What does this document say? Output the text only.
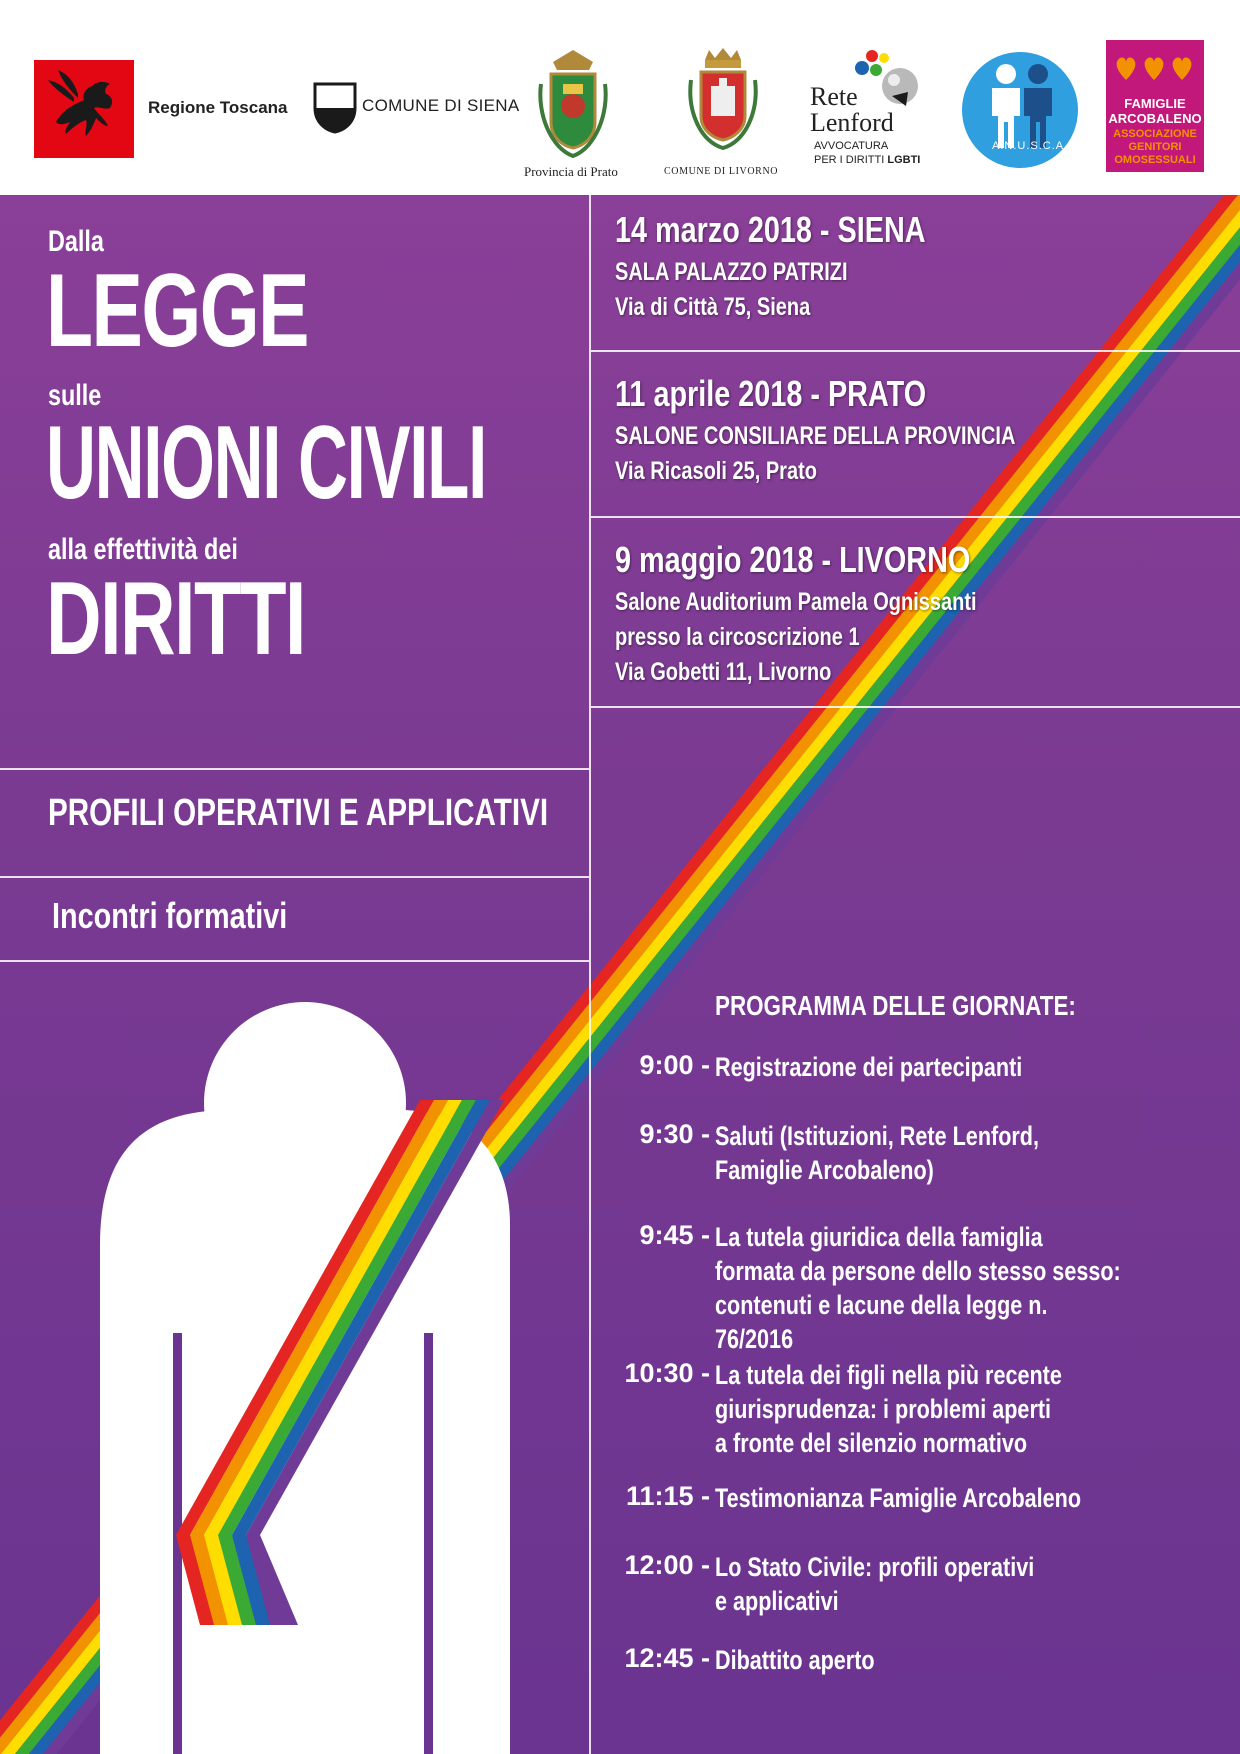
Regione Toscana	COMUNE DI SIENA
Provincia di Prato	COMUNE DI LIVORNO
Rete
Lenford
AVVOCATURA
PER I DIRITTI LGBTI
A.N.U.S.C.A.
FAMIGLIE
ARCOBALENO
ASSOCIAZIONE
GENITORI
OMOSESSUALI
Dalla
LEGGE
sulle
UNIONI CIVILI
alla effettività dei
DIRITTI
PROFILI OPERATIVI E APPLICATIVI
Incontri formativi
14 marzo 2018 - SIENA
SALA PALAZZO PATRIZI
Via di Città 75, Siena
11 aprile 2018 - PRATO
SALONE CONSILIARE DELLA PROVINCIA
Via Ricasoli 25, Prato
9 maggio 2018 - LIVORNO
Salone Auditorium Pamela Ognissanti
presso la circoscrizione 1
Via Gobetti 11, Livorno
PROGRAMMA DELLE GIORNATE:
9:00 - Registrazione dei partecipanti
9:30 - Saluti (Istituzioni, Rete Lenford,
Famiglie Arcobaleno)
9:45 - La tutela giuridica della famiglia
formata da persone dello stesso sesso:
contenuti e lacune della legge n. 76/2016
10:30 - La tutela dei figli nella più recente
giurisprudenza: i problemi aperti
a fronte del silenzio normativo
11:15 - Testimonianza Famiglie Arcobaleno
12:00 - Lo Stato Civile: profili operativi
e applicativi
12:45 - Dibattito aperto
